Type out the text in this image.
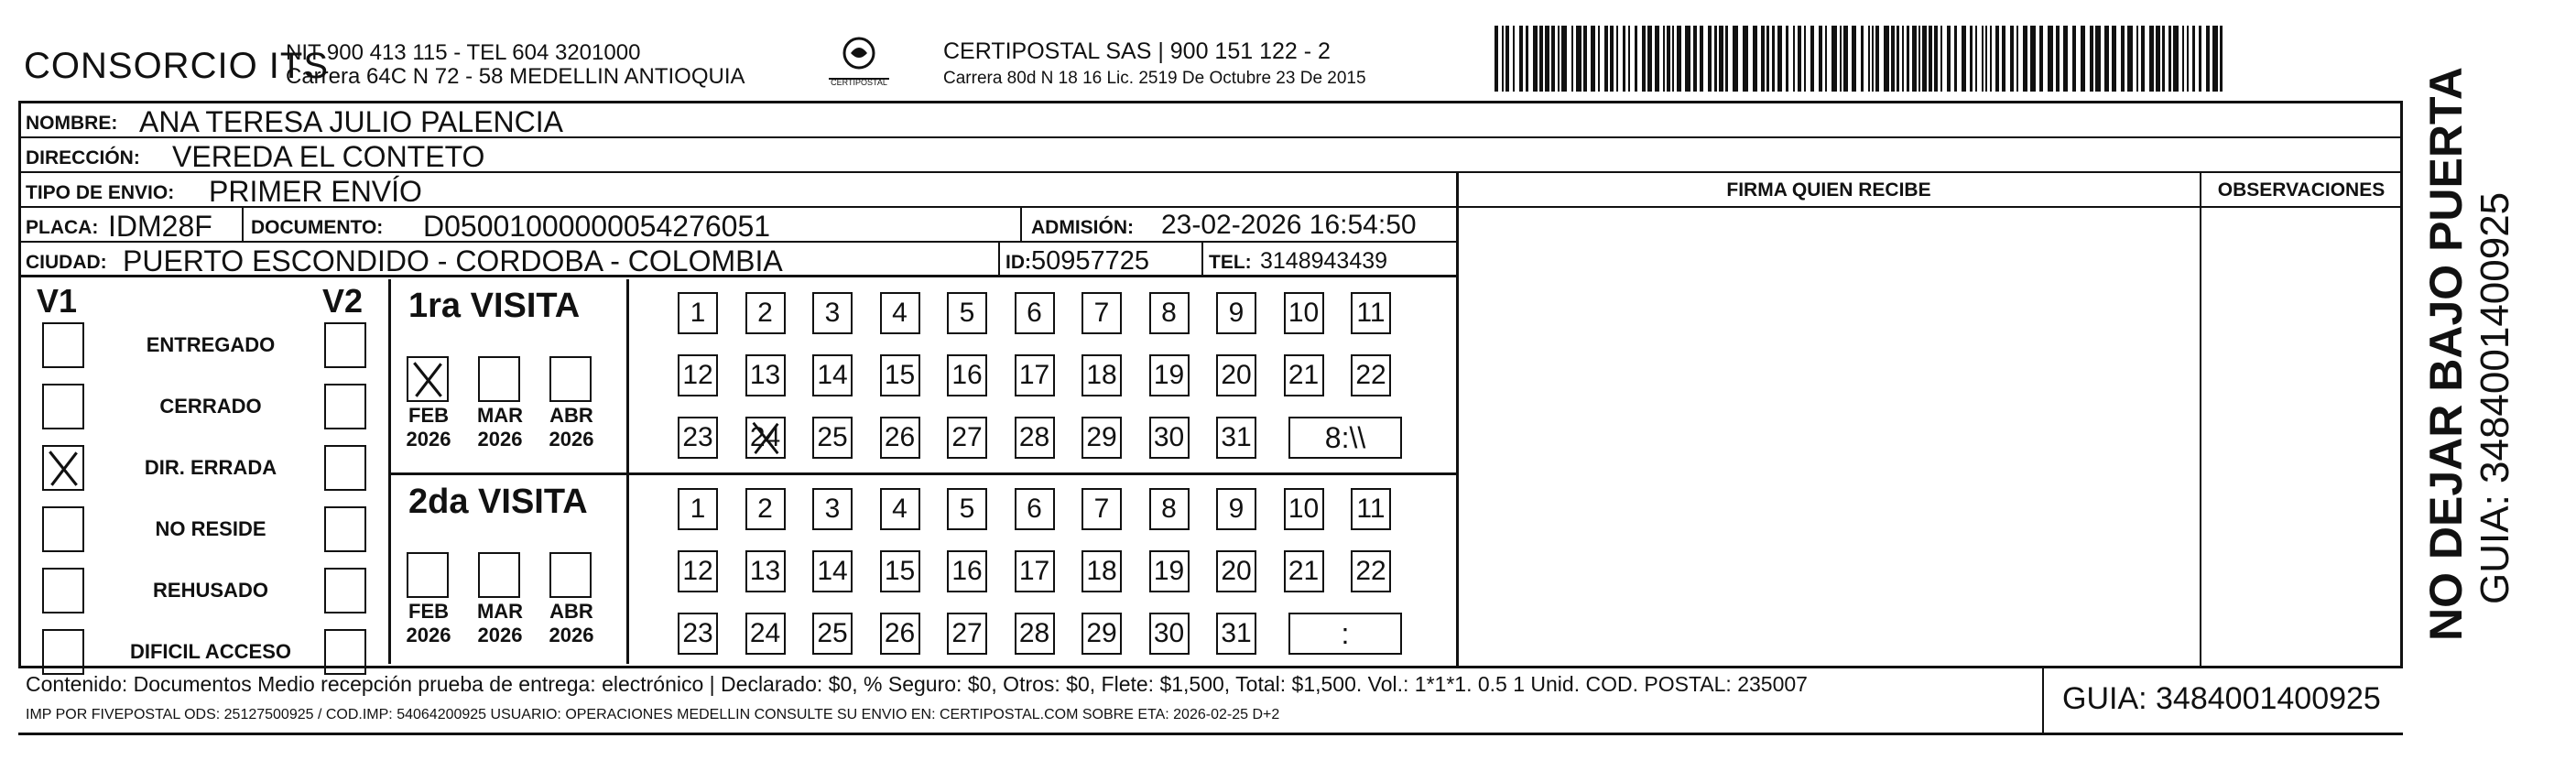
CONSORCIO ITS
NIT 900 413 115 - TEL 604 3201000
Carrera 64C N 72 - 58 MEDELLIN ANTIOQUIA	CERTIPOSTAL
CERTIPOSTAL SAS | 900 151 122 - 2
Carrera 80d N 18 16 Lic. 2519 De Octubre 23 De 2015
NOMBRE: ANA TERESA JULIO PALENCIA
DIRECCIÓN: VEREDA EL CONTETO
TIPO DE ENVIO: PRIMER ENVÍO
PLACA: IDM28F DOCUMENTO: D05001000000054276051	ADMISIÓN: 23-02-2026 16:54:50
CIUDAD: PUERTO ESCONDIDO - CORDOBA - COLOMBIA	ID: 50957725	TEL: 3148943439
FIRMA QUIEN RECIBE	OBSERVACIONES
V1	V2
ENTREGADO
CERRADO
DIR. ERRADA
NO RESIDE
REHUSADO
DIFICIL ACCESO
1ra VISITA
FEB
2026
MAR
2026
ABR
2026
1	2	3	4	5	6	7	8	9	10 11
12 13 14 15 16 17 18 19 20 21 22
23 24 25 26 27 28 29 30 31	8:\\
2da VISITA
FEB
2026
MAR
2026
ABR
2026
1	2	3	4	5	6	7	8	9	10 11
12 13 14 15 16 17 18 19 20 21 22
23 24 25 26 27 28 29 30 31	:
Contenido: Documentos Medio recepción prueba de entrega: electrónico | Declarado: $0, % Seguro: $0, Otros: $0, Flete: $1,500, Total: $1,500. Vol.: 1*1*1. 0.5 1 Unid. COD. POSTAL: 235007
IMP POR FIVEPOSTAL ODS: 25127500925 / COD.IMP: 54064200925 USUARIO: OPERACIONES MEDELLIN CONSULTE SU ENVIO EN: CERTIPOSTAL.COM SOBRE ETA: 2026-02-25 D+2	GUIA: 3484001400925
NO DEJAR BAJO PUERTA GUIA: 3484001400925
